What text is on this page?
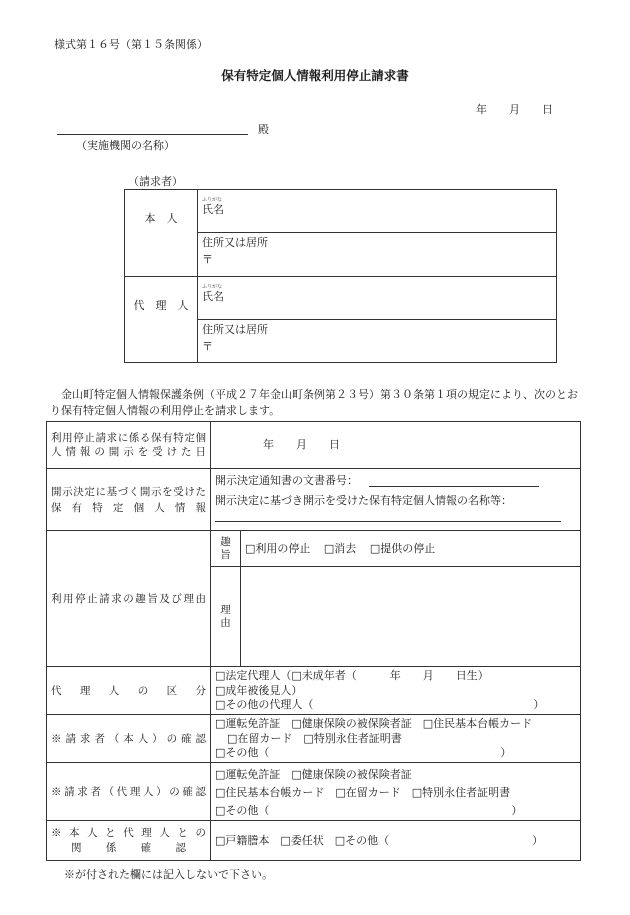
様式第１６号（第１５条関係）
保有特定個人情報利用停止請求書
年　　月　　日
殿
（実施機関の名称）
（請求者）
本　人	ふりがな
氏名

	住所又は居所
〒

代　理　人	ふりがな
氏名

	住所又は居所
〒
金山町特定個人情報保護条例（平成２７年金山町条例第２３号）第３０条第１項の規定により、次のとおり保有特定個人情報の利用停止を請求します。
利用停止請求に係る保有特定個人情報の開示を受けた日	年　　月　　日	

開示決定に基づく開示を受けた保有特定個人情報	開示決定通知書の文書番号：
開示決定に基づき開示を受けた保有特定個人情報の名称等：	

利用停止請求の趣旨及び理由	趣旨	□利用の停止 □消去 □提供の停止

	理由	

代理人の区分	□法定代理人（□未成年者（　　　年　　月　　日生）
□成年被後見人）
□その他の代理人（　　　　　　　　　　　　　　　　　　　　）	

※請求者（本人）の確認	□運転免許証　□健康保険の被保険者証　□住民基本台帳カード
□在留カード　□特別永住者証明書
□その他（　　　　　　　　　　　　　　　　　　　　　）	

※請求者（代理人）の確認	□運転免許証　□健康保険の被保険者証
□住民基本台帳カード　□在留カード　□特別永住者証明書
□その他（　　　　　　　　　　　　　　　　　　　　　　）	

※本人と代理人との
関係確認	□戸籍謄本　□委任状　□その他（　　　　　　　　　　　　　）	
※が付された欄には記入しないで下さい。
